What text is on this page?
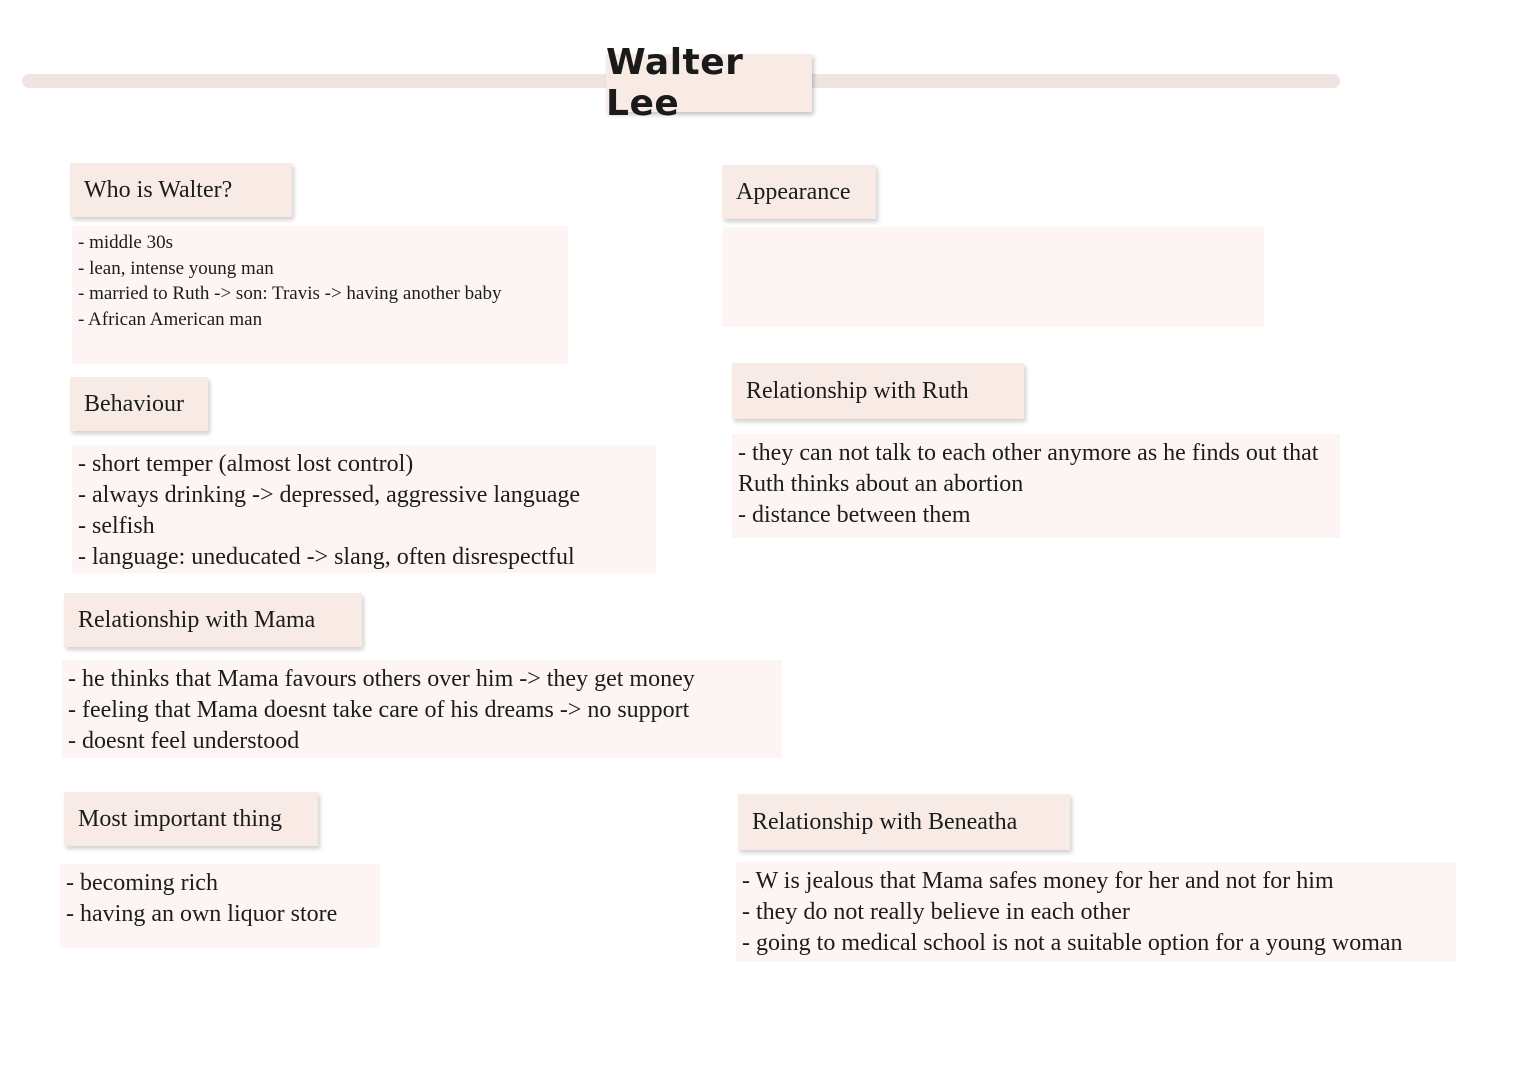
Walter Lee
Who is Walter?
- middle 30s
- lean, intense young man
- married to Ruth -> son: Travis -> having another baby
- African American man
Appearance
Behaviour
- short temper (almost lost control)
- always drinking -> depressed, aggressive language
- selfish
- language: uneducated -> slang, often disrespectful
Relationship with Ruth
- they can not talk to each other anymore as he finds out that Ruth thinks about an abortion
- distance between them
Relationship with Mama
- he thinks that Mama favours others over him -> they get money
- feeling that Mama doesnt take care of his dreams -> no support
- doesnt feel understood
Most important thing
- becoming rich
- having an own liquor store
Relationship with Beneatha
- W is jealous that Mama safes money for her and not for him
- they do not really believe in each other
- going to medical school is not a suitable option for a young woman
